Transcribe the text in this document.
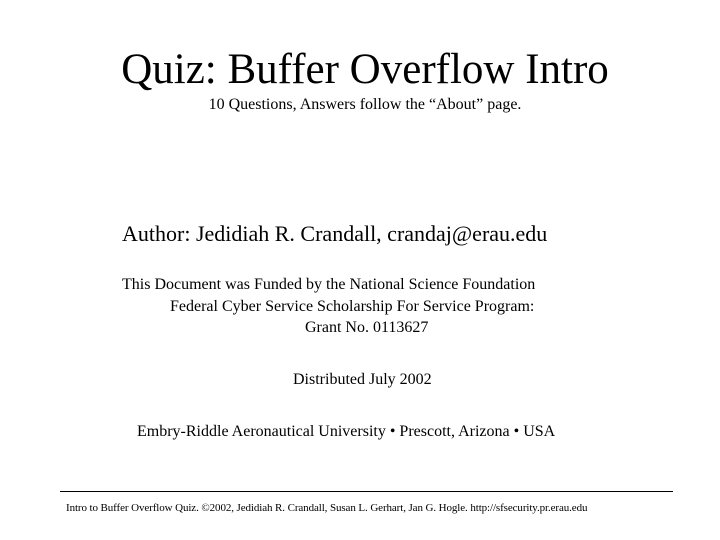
Quiz: Buffer Overflow Intro
10 Questions, Answers follow the “About” page.
Author: Jedidiah R. Crandall, crandaj@erau.edu
This Document was Funded by the National Science Foundation
Federal Cyber Service Scholarship For Service Program:
Grant No. 0113627
Distributed July 2002
Embry-Riddle Aeronautical University • Prescott, Arizona • USA
Intro to Buffer Overflow Quiz. ©2002, Jedidiah R. Crandall, Susan L. Gerhart, Jan G. Hogle. http://sfsecurity.pr.erau.edu
